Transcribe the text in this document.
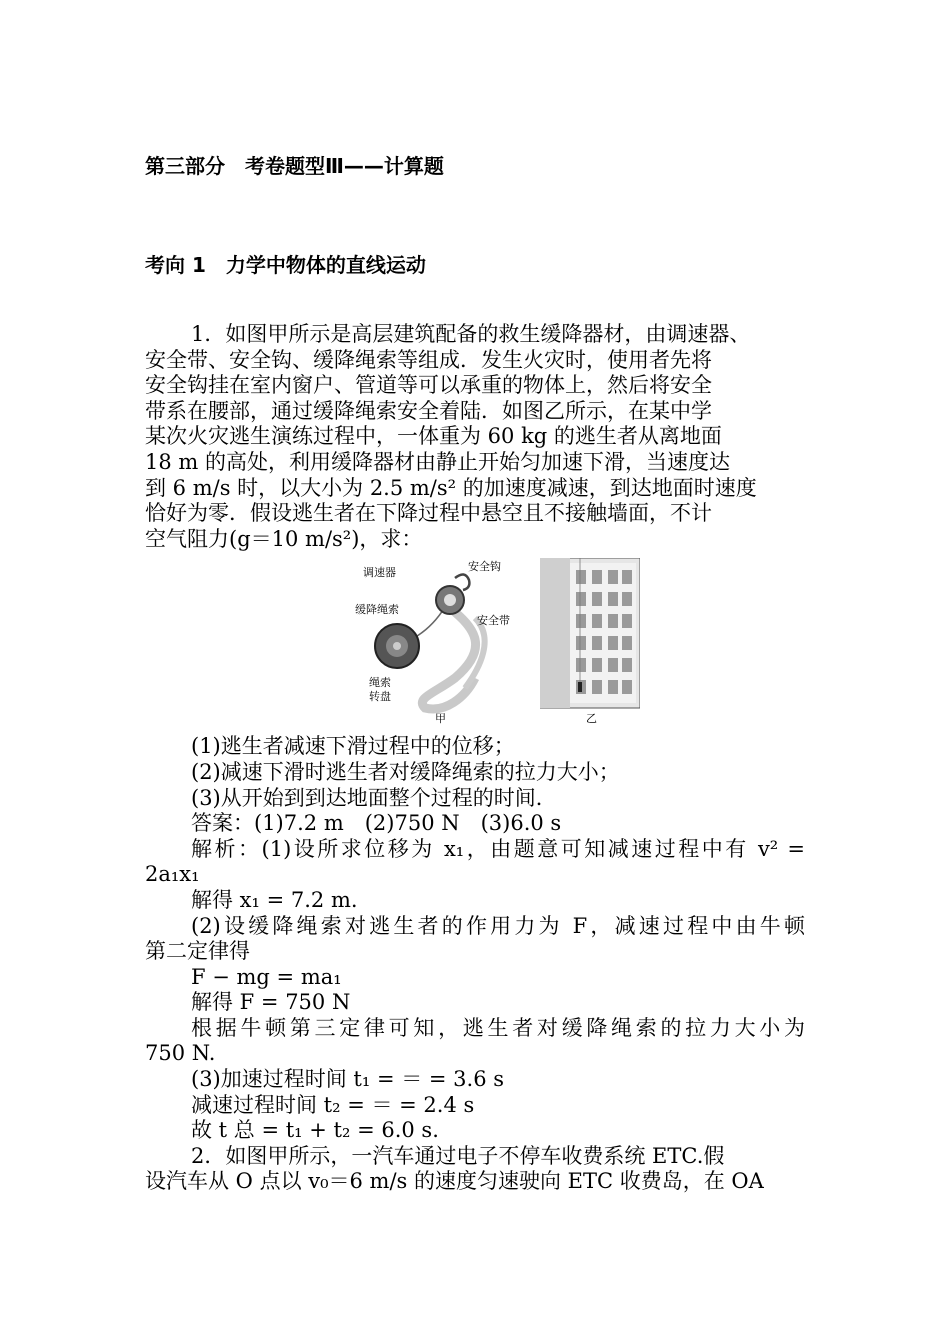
第三部分　考卷题型Ⅲ——计算题
考向 1　力学中物体的直线运动
1．如图甲所示是高层建筑配备的救生缓降器材，由调速器、
安全带、安全钩、缓降绳索等组成．发生火灾时，使用者先将
安全钩挂在室内窗户、管道等可以承重的物体上，然后将安全
带系在腰部，通过缓降绳索安全着陆．如图乙所示，在某中学
某次火灾逃生演练过程中，一体重为 60 kg 的逃生者从离地面
18 m 的高处，利用缓降器材由静止开始匀加速下滑，当速度达
到 6 m/s 时，以大小为 2.5 m/s² 的加速度减速，到达地面时速度
恰好为零．假设逃生者在下降过程中悬空且不接触墙面，不计
空气阻力(g＝10 m/s²)，求：
调速器	安全钩
缓降绳索
安全带
绳索
转盘
甲	乙
(1)逃生者减速下滑过程中的位移；
(2)减速下滑时逃生者对缓降绳索的拉力大小；
(3)从开始到到达地面整个过程的时间．
答案：(1)7.2 m　(2)750 N　(3)6.0 s
解析：(1)设所求位移为 x₁，由题意可知减速过程中有 v² =
2a₁x₁
解得 x₁ = 7.2 m.
(2)设缓降绳索对逃生者的作用力为 F，减速过程中由牛顿
第二定律得
F − mg = ma₁
解得 F = 750 N
根据牛顿第三定律可知，逃生者对缓降绳索的拉力大小为
750 N.
(3)加速过程时间 t₁ = ＝ = 3.6 s
减速过程时间 t₂ = ＝ = 2.4 s
故 t 总 = t₁ + t₂ = 6.0 s.
2．如图甲所示，一汽车通过电子不停车收费系统 ETC.假
设汽车从 O 点以 v₀＝6 m/s 的速度匀速驶向 ETC 收费岛，在 OA
